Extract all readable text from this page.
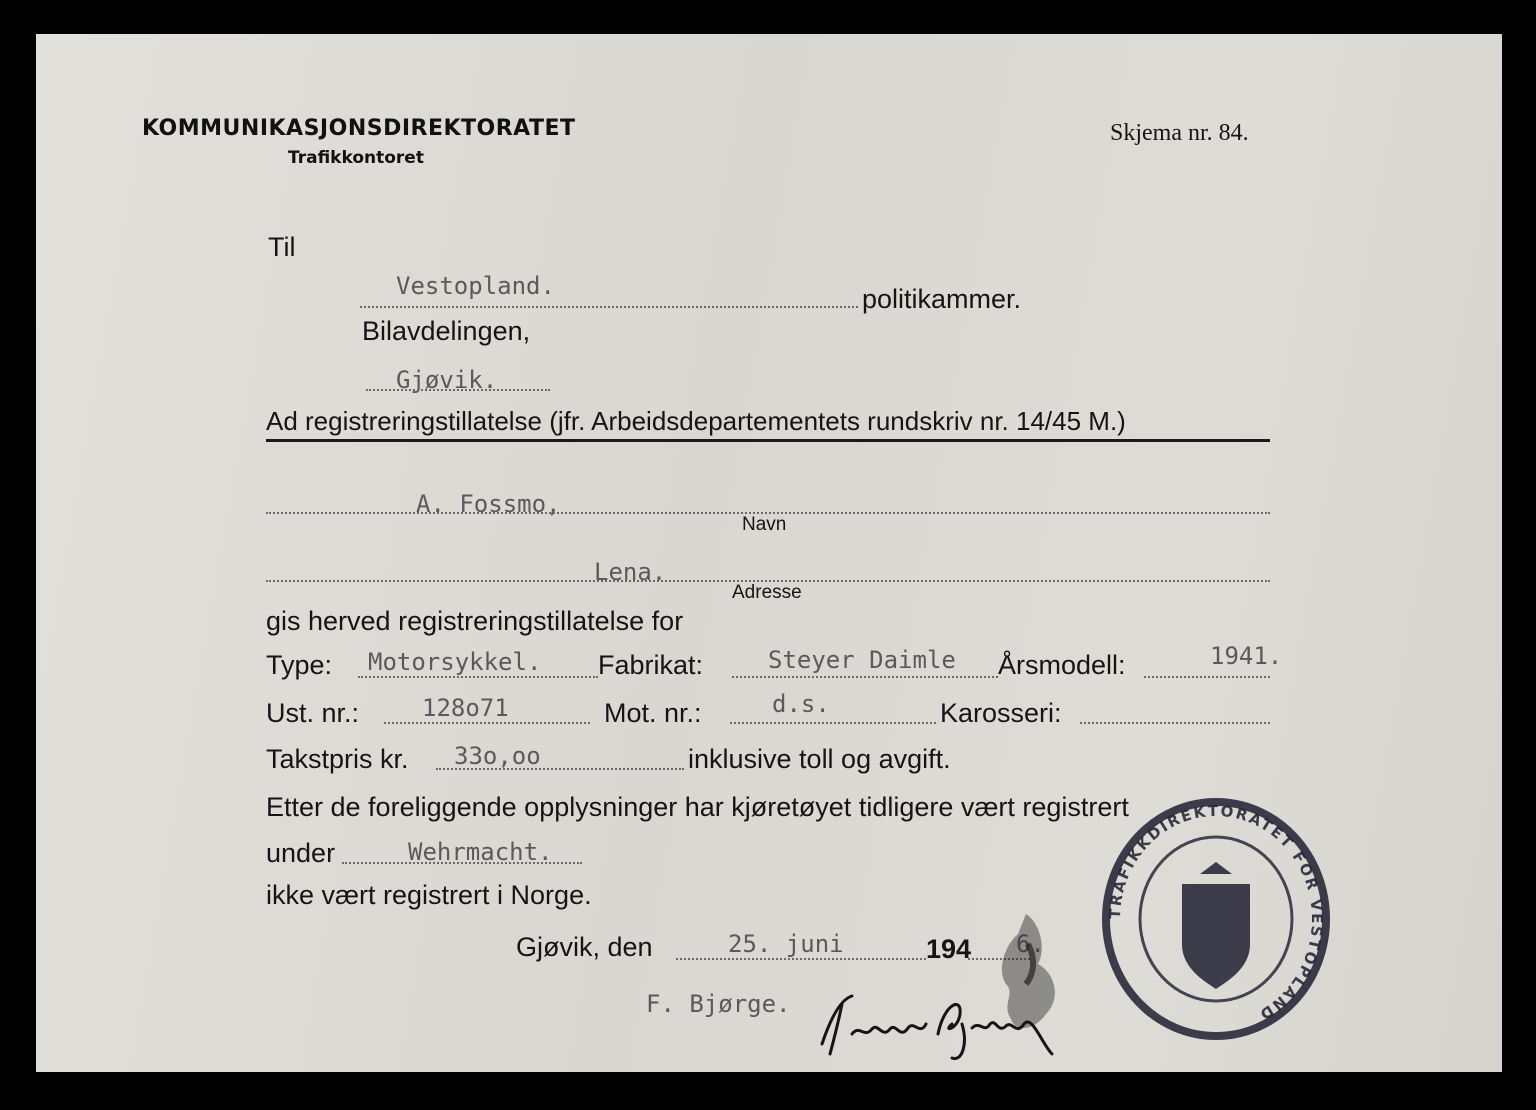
KOMMUNIKASJONSDIREKTORATET
Trafikkontoret
Skjema nr. 84.
Til
Vestopland.	politikammer.
Bilavdelingen,
Gjøvik.
Ad registreringstillatelse (jfr. Arbeidsdepartementets rundskriv nr. 14/45 M.)
A. Fossmo,
Navn
Lena.
Adresse
gis herved registreringstillatelse for
Type: Motorsykkel. Fabrikat:	Steyer Daimle Årsmodell:	1941.
Ust. nr.:	128o71	Mot. nr.:	d.s.	Karosseri:
Takstpris kr. 33o,oo	inklusive toll og avgift.
Etter de foreliggende opplysninger har kjøretøyet tidligere vært registrert
under	Wehrmacht.
ikke vært registrert i Norge.
Gjøvik, den	25. juni	194 6.
F. Bjørge.
TRAFIKKDIREKTORATET FOR VESTOPLAND
